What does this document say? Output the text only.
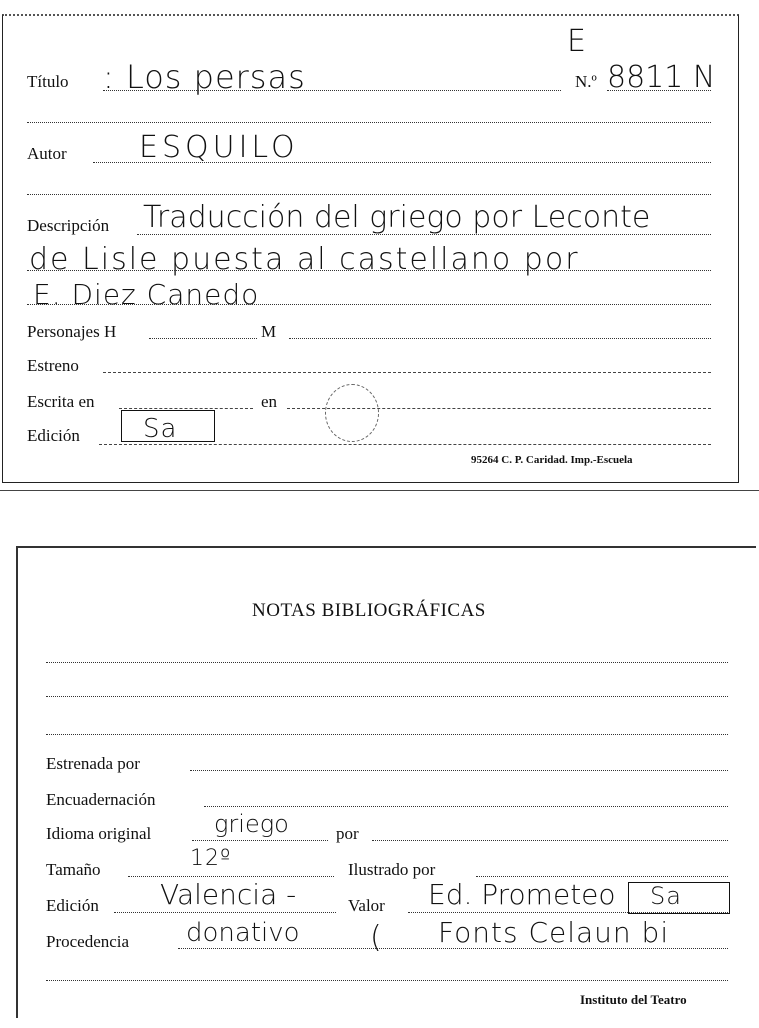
E
Título : Los persas	N.º 8811 N
Autor ESQUILO
Descripción Traducción del griego por Leconte
de Lisle puesta al castellano por
E. Diez Canedo
Personajes H	M
Estreno
Escrita en	en
Edición Sa
95264 C. P. Caridad. Imp.-Escuela
NOTAS BIBLIOGRÁFICAS
Estrenada por
Encuadernación
Idioma original	griego	por
Tamaño	12º	Ilustrado por
Edición Valencia -	Valor Ed. Prometeo Sa
Procedencia donativo ( Fonts Celaun bi
Instituto del Teatro
